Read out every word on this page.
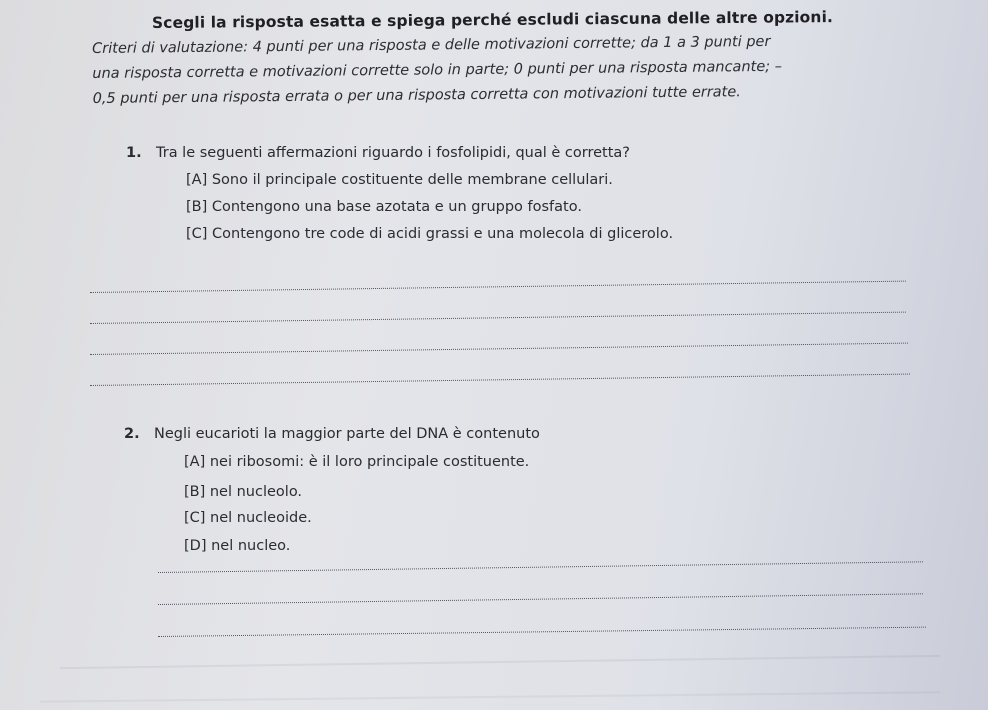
Scegli la risposta esatta e spiega perché escludi ciascuna delle altre opzioni.
Criteri di valutazione: 4 punti per una risposta e delle motivazioni corrette; da 1 a 3 punti per
una risposta corretta e motivazioni corrette solo in parte; 0 punti per una risposta mancante; –
0,5 punti per una risposta errata o per una risposta corretta con motivazioni tutte errate.
1. Tra le seguenti affermazioni riguardo i fosfolipidi, qual è corretta?
[A] Sono il principale costituente delle membrane cellulari.
[B] Contengono una base azotata e un gruppo fosfato.
[C] Contengono tre code di acidi grassi e una molecola di glicerolo.
2. Negli eucarioti la maggior parte del DNA è contenuto
[A] nei ribosomi: è il loro principale costituente.
[B] nel nucleolo.
[C] nel nucleoide.
[D] nel nucleo.
